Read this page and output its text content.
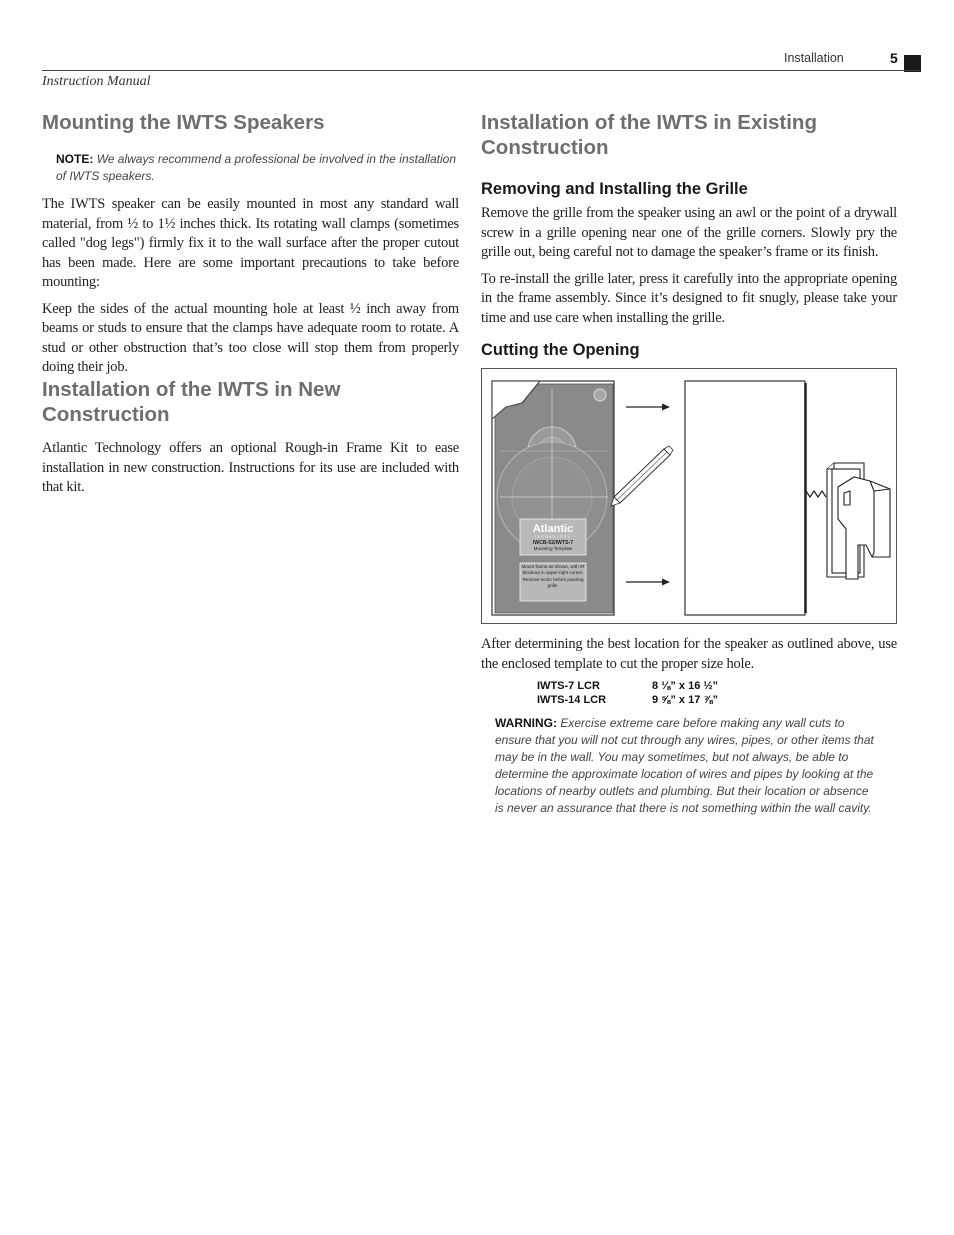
Installation	5
Instruction Manual
Mounting the IWTS Speakers
NOTE: We always recommend a professional be involved in the installation of IWTS speakers.

The IWTS speaker can be easily mounted in most any standard wall material, from ½ to 1½ inches thick. Its rotating wall clamps (sometimes called "dog legs") firmly fix it to the wall surface after the proper cutout has been made. Here are some important precautions to take before mounting:

Keep the sides of the actual mounting hole at least ½ inch away from beams or studs to ensure that the clamps have adequate room to rotate. A stud or other obstruction that’s too close will stop them from properly doing their job.

Installation of the IWTS in New Construction

Atlantic Technology offers an optional Rough-in Frame Kit to ease installation in new construction. Instructions for its use are included with that kit.

Installation of the IWTS in Existing Construction
Removing and Installing the Grille

Remove the grille from the speaker using an awl or the point of a drywall screw in a grille opening near one of the grille corners. Slowly pry the grille out, being careful not to damage the speaker’s frame or its finish.

To re-install the grille later, press it carefully into the appropriate opening in the frame assembly. Since it’s designed to fit snugly, please take your time and use care when installing the grille.

Cutting the Opening
Atlantic
TECHNOLOGY
IWCB-52/IWTS-7
Mounting Template
Mount frame as shown, with IR blockout in upper-right corner. Remove scrim before painting grille.

After determining the best location for the speaker as outlined above, use the enclosed template to cut the proper size hole.

IWTS-7 LCR	8 ⅛” x 16 ½”
IWTS-14 LCR	9 ⅝” x 17 ⅞”
WARNING: Exercise extreme care before making any wall cuts to ensure that you will not cut through any wires, pipes, or other items that may be in the wall. You may sometimes, but not always, be able to determine the approximate location of wires and pipes by looking at the locations of nearby outlets and plumbing. But their location or absence is never an assurance that there is not something within the wall cavity.
